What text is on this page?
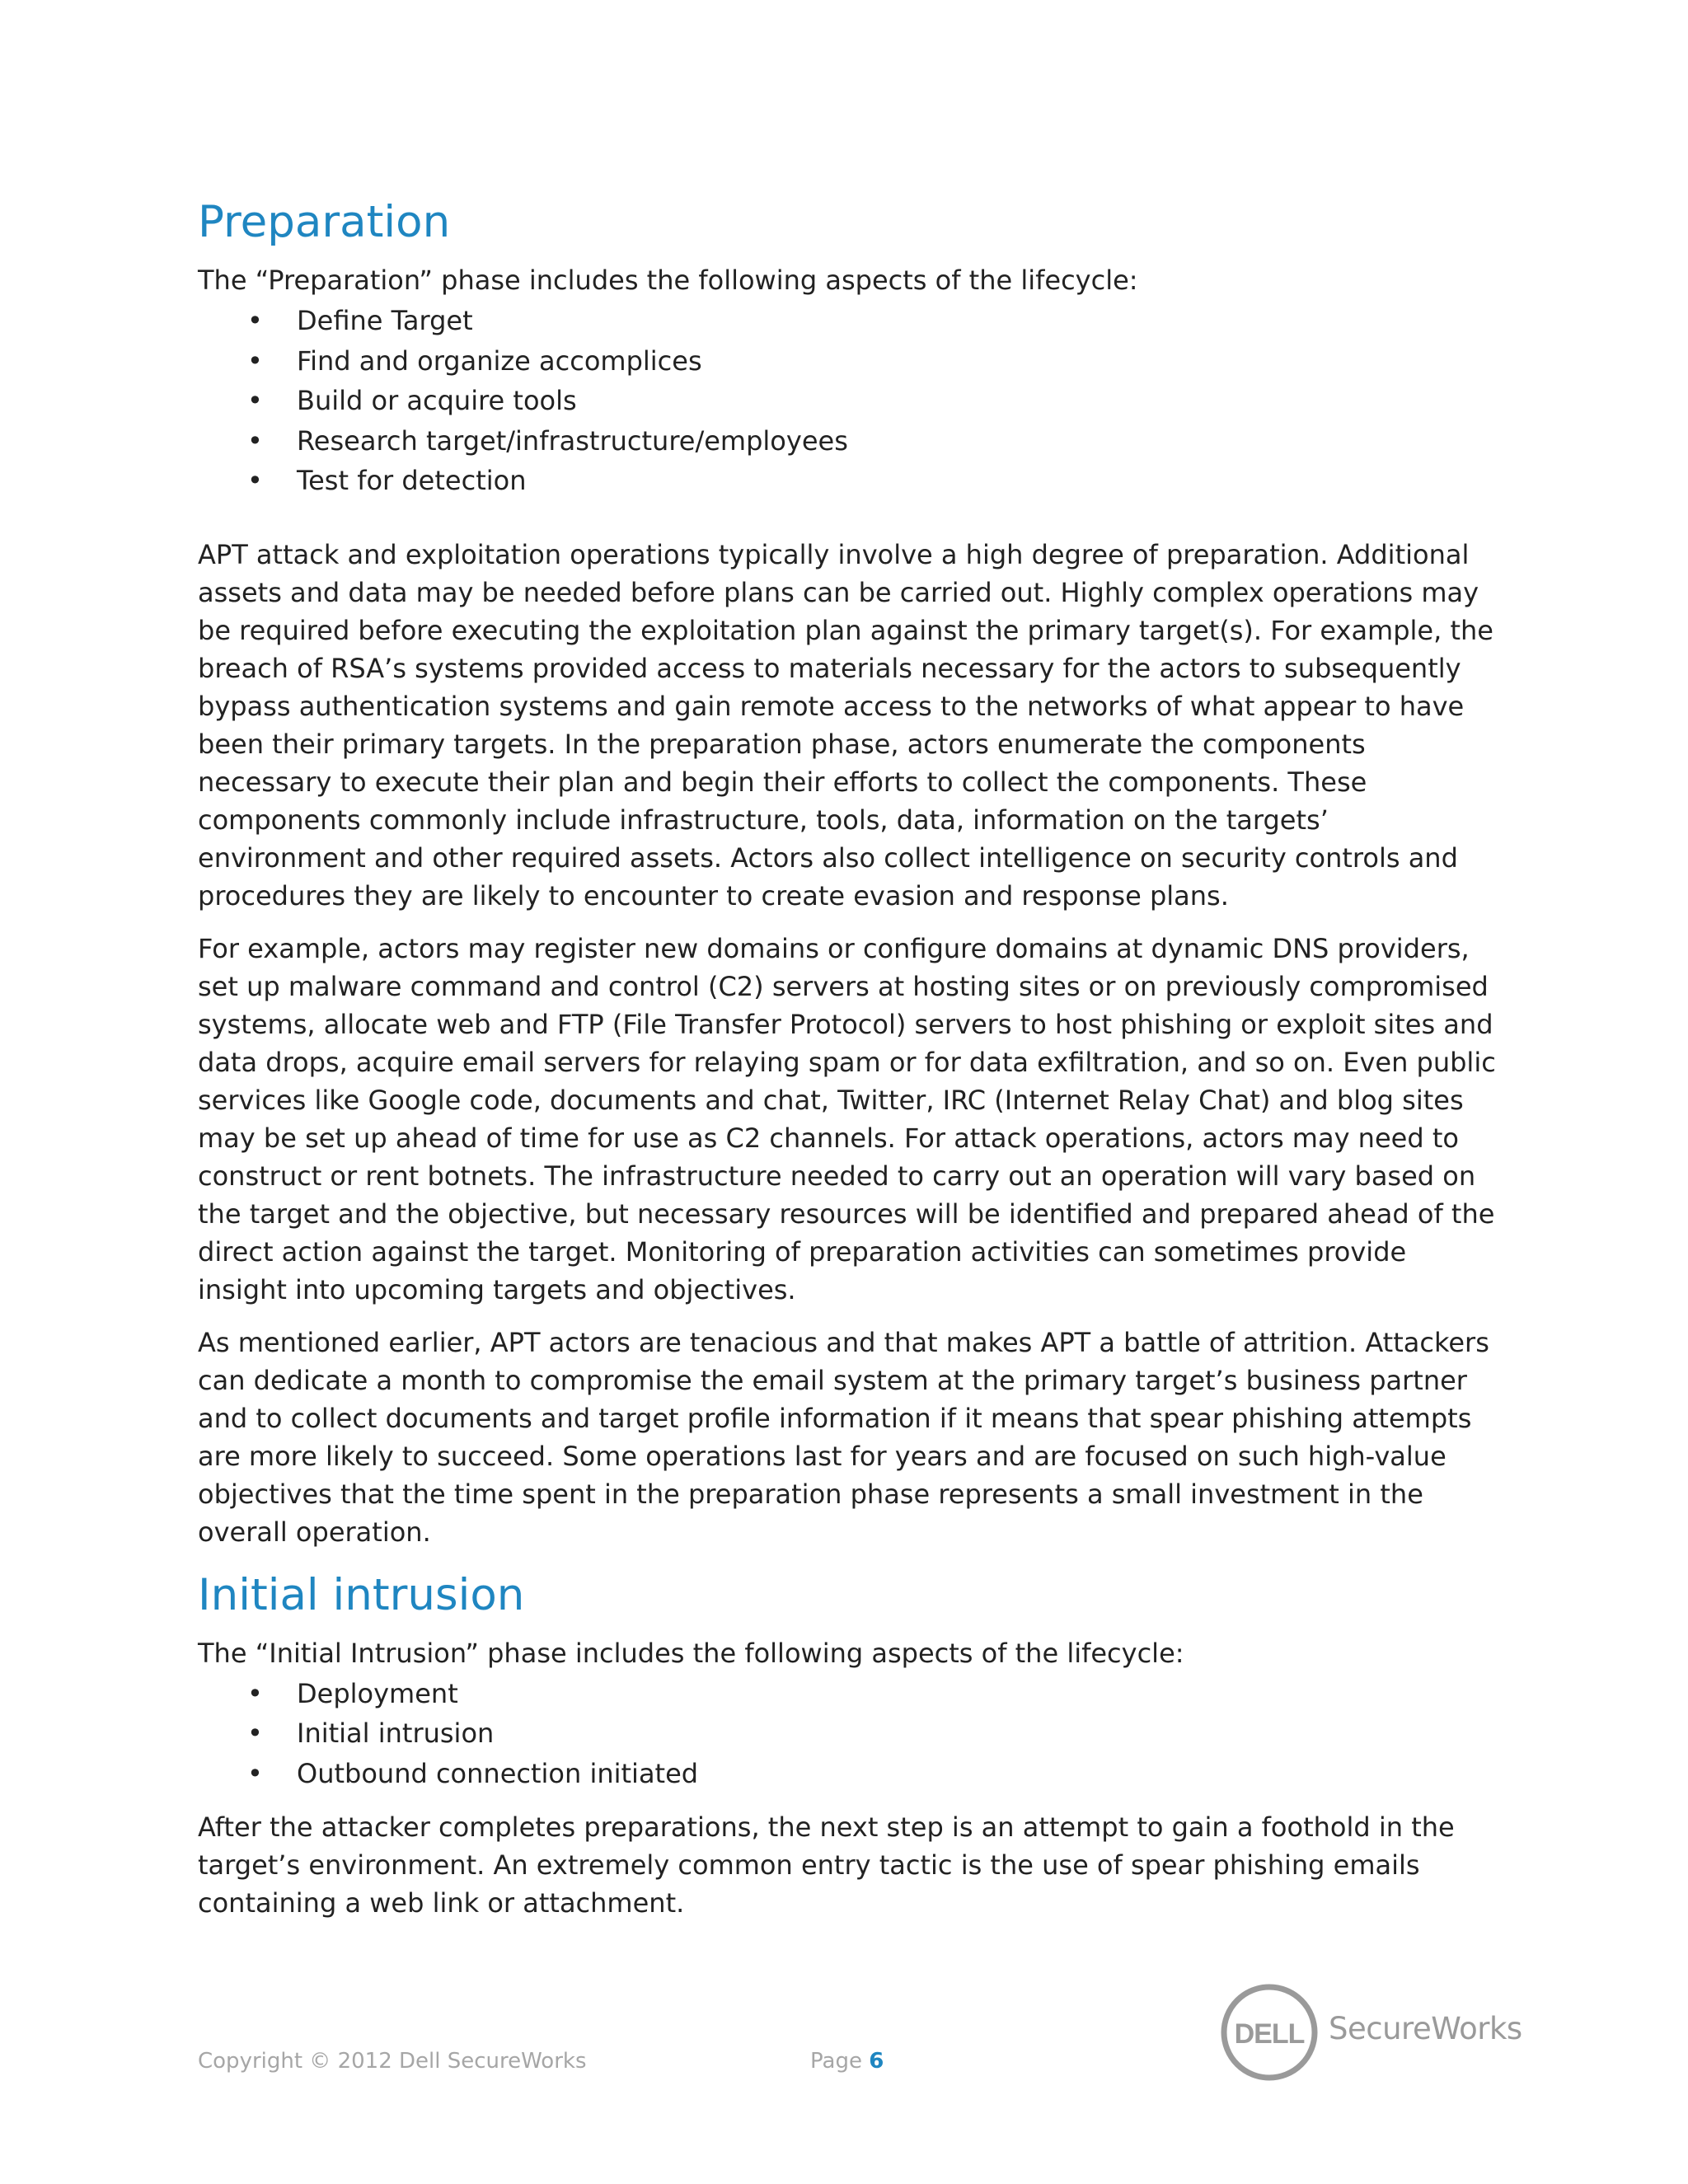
Preparation

The “Preparation” phase includes the following aspects of the lifecycle:

• Define Target
• Find and organize accomplices
• Build or acquire tools
• Research target/infrastructure/employees
• Test for detection

APT attack and exploitation operations typically involve a high degree of preparation. Additional assets and data may be needed before plans can be carried out. Highly complex operations may be required before executing the exploitation plan against the primary target(s). For example, the breach of RSA’s systems provided access to materials necessary for the actors to subsequently bypass authentication systems and gain remote access to the networks of what appear to have been their primary targets. In the preparation phase, actors enumerate the components necessary to execute their plan and begin their efforts to collect the components. These components commonly include infrastructure, tools, data, information on the targets’ environment and other required assets. Actors also collect intelligence on security controls and procedures they are likely to encounter to create evasion and response plans.

For example, actors may register new domains or configure domains at dynamic DNS providers, set up malware command and control (C2) servers at hosting sites or on previously compromised systems, allocate web and FTP (File Transfer Protocol) servers to host phishing or exploit sites and data drops, acquire email servers for relaying spam or for data exfiltration, and so on. Even public services like Google code, documents and chat, Twitter, IRC (Internet Relay Chat) and blog sites may be set up ahead of time for use as C2 channels. For attack operations, actors may need to construct or rent botnets. The infrastructure needed to carry out an operation will vary based on the target and the objective, but necessary resources will be identified and prepared ahead of the direct action against the target. Monitoring of preparation activities can sometimes provide insight into upcoming targets and objectives.

As mentioned earlier, APT actors are tenacious and that makes APT a battle of attrition. Attackers can dedicate a month to compromise the email system at the primary target’s business partner and to collect documents and target profile information if it means that spear phishing attempts are more likely to succeed. Some operations last for years and are focused on such high-value objectives that the time spent in the preparation phase represents a small investment in the overall operation.

Initial intrusion

The “Initial Intrusion” phase includes the following aspects of the lifecycle:

• Deployment
• Initial intrusion
• Outbound connection initiated

After the attacker completes preparations, the next step is an attempt to gain a foothold in the target’s environment. An extremely common entry tactic is the use of spear phishing emails containing a web link or attachment.

Copyright © 2012 Dell SecureWorks	Page 6
DELL SecureWorks
